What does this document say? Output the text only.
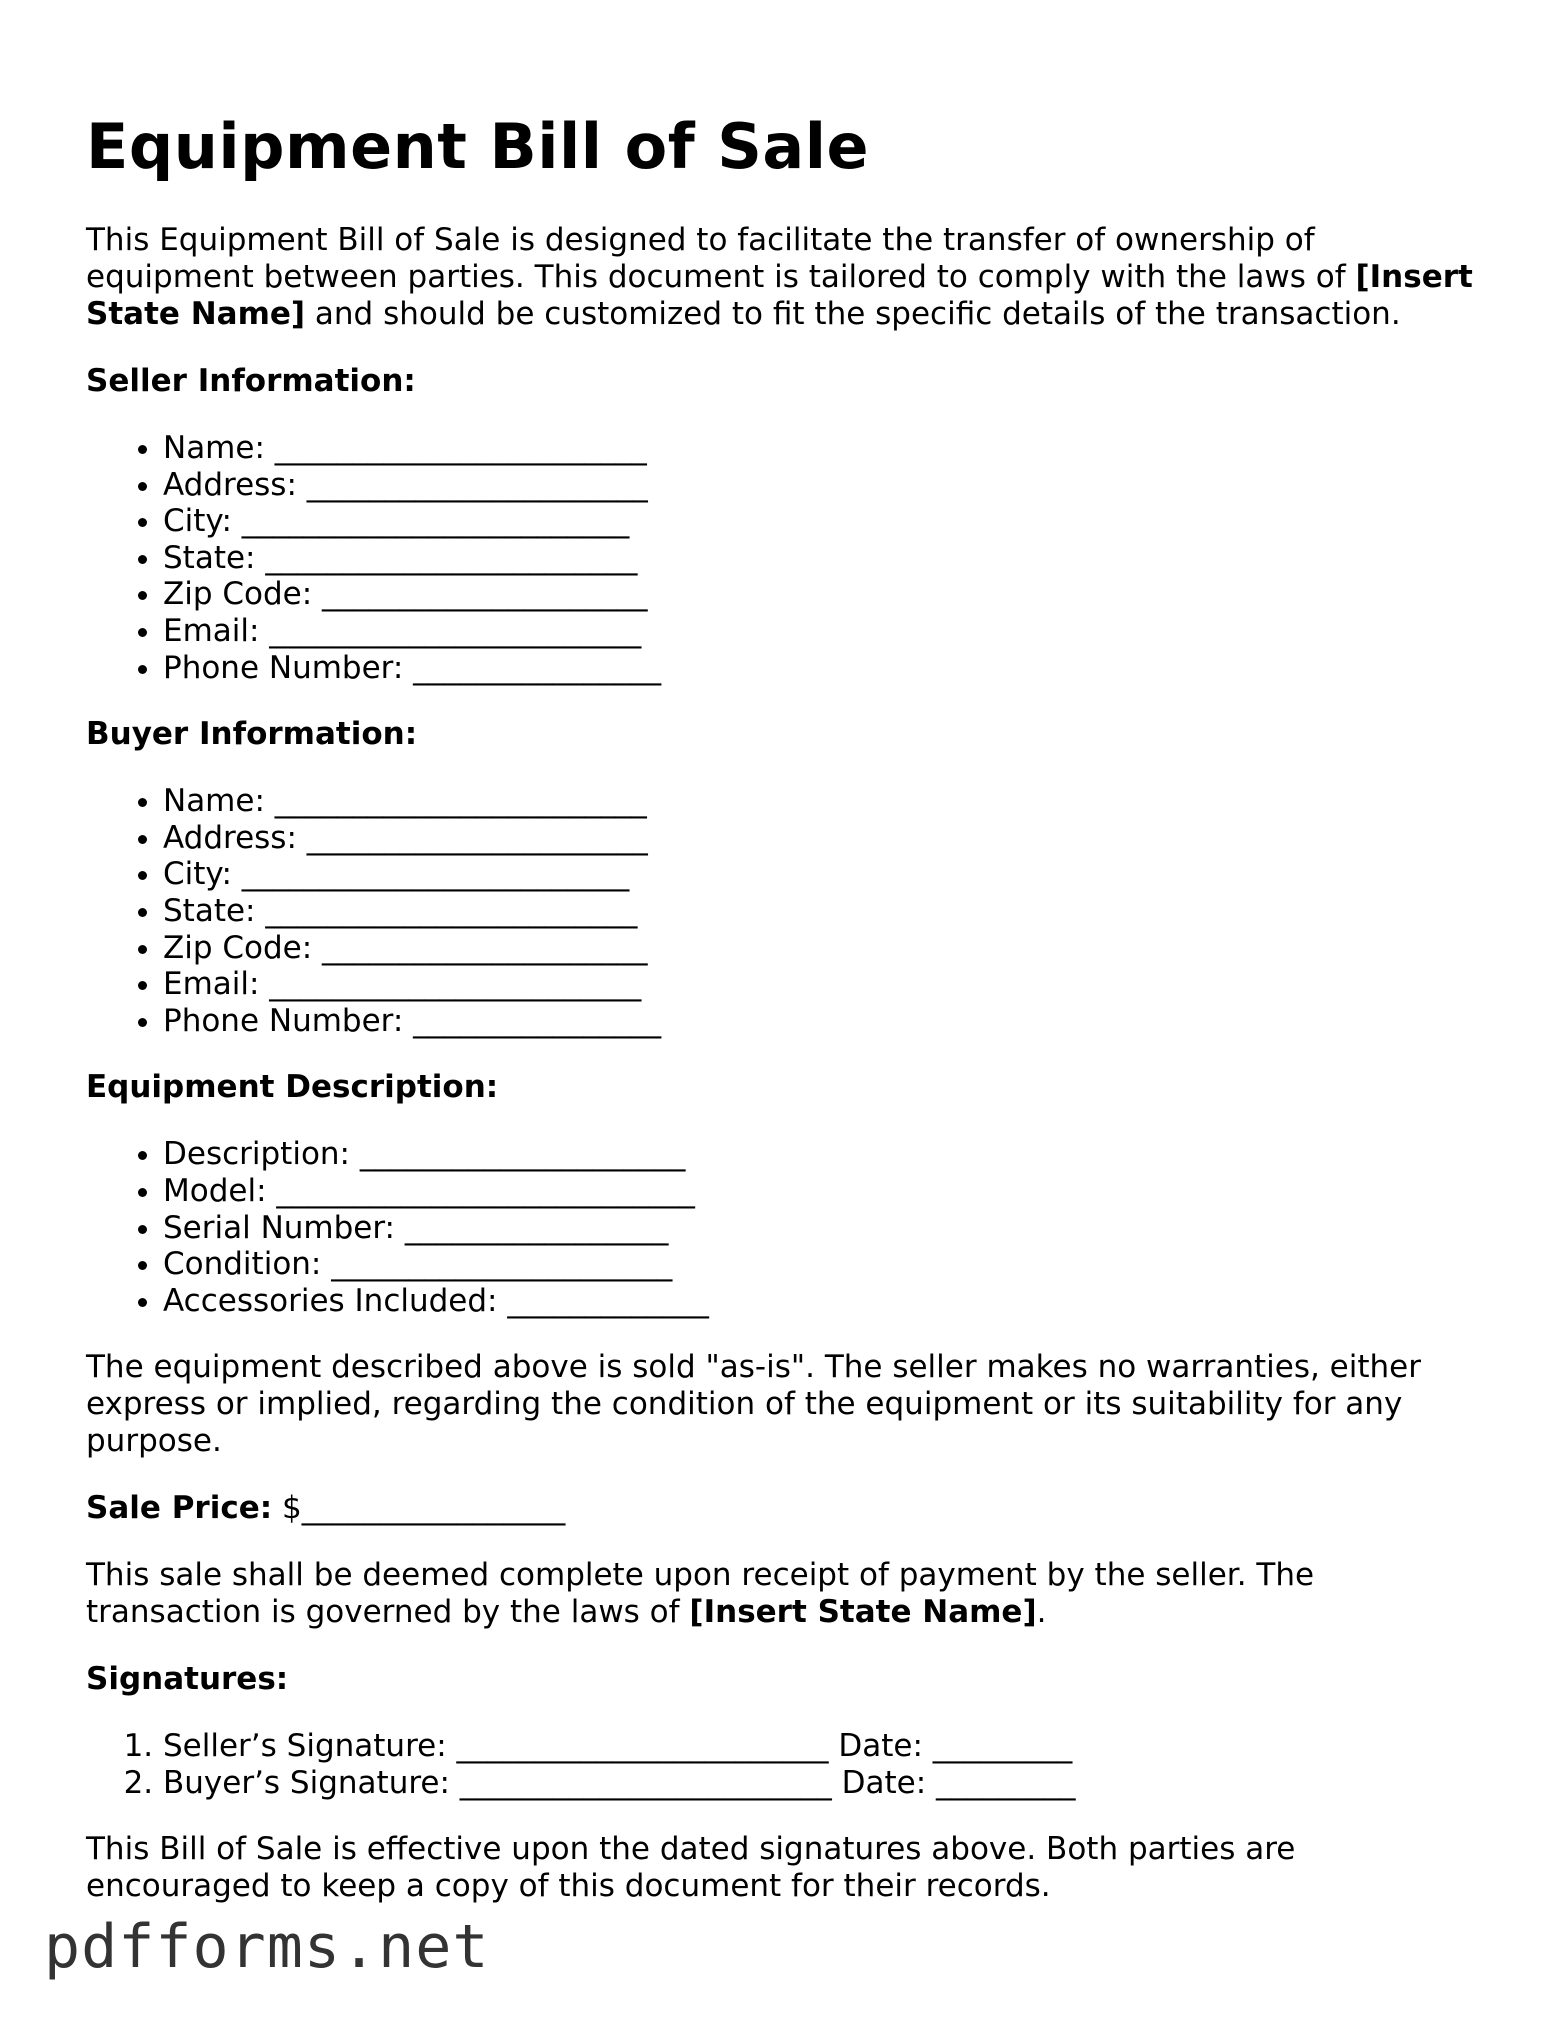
Equipment Bill of Sale

This Equipment Bill of Sale is designed to facilitate the transfer of ownership of equipment between parties. This document is tailored to comply with the laws of [Insert State Name] and should be customized to fit the specific details of the transaction.

Seller Information:
• Name: ________________________
• Address: ______________________
• City: _________________________
• State: ________________________
• Zip Code: _____________________
• Email: ________________________
• Phone Number: ________________
Buyer Information:
• Name: ________________________
• Address: ______________________
• City: _________________________
• State: ________________________
• Zip Code: _____________________
• Email: ________________________
• Phone Number: ________________
Equipment Description:
• Description: _____________________
• Model: ___________________________
• Serial Number: _________________
• Condition: ______________________
• Accessories Included: _____________

The equipment described above is sold "as-is". The seller makes no warranties, either express or implied, regarding the condition of the equipment or its suitability for any purpose.

Sale Price: $_________________

This sale shall be deemed complete upon receipt of payment by the seller. The transaction is governed by the laws of [Insert State Name].

Signatures:
1. Seller’s Signature: ________________________ Date: _________
2. Buyer’s Signature: ________________________ Date: _________

This Bill of Sale is effective upon the dated signatures above. Both parties are encouraged to keep a copy of this document for their records.

pdfforms.net
